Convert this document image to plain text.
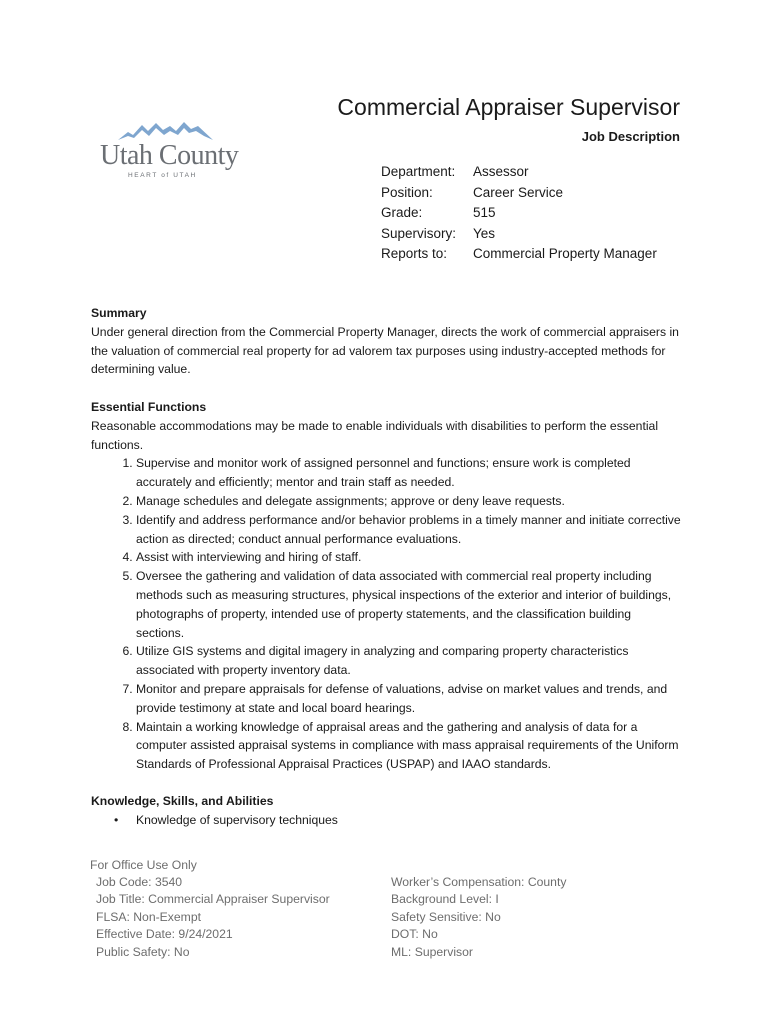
Utah County
HEART of UTAH
Commercial Appraiser Supervisor
Job Description
Department:	Assessor
Position:	Career Service
Grade:	515
Supervisory:	Yes
Reports to:	Commercial Property Manager
Summary
Under general direction from the Commercial Property Manager, directs the work of commercial appraisers in the valuation of commercial real property for ad valorem tax purposes using industry-accepted methods for determining value.
Essential Functions
Reasonable accommodations may be made to enable individuals with disabilities to perform the essential functions.
1. Supervise and monitor work of assigned personnel and functions; ensure work is completed accurately and efficiently; mentor and train staff as needed.
2. Manage schedules and delegate assignments; approve or deny leave requests.
3. Identify and address performance and/or behavior problems in a timely manner and initiate corrective action as directed; conduct annual performance evaluations.
4. Assist with interviewing and hiring of staff.
5. Oversee the gathering and validation of data associated with commercial real property including methods such as measuring structures, physical inspections of the exterior and interior of buildings, photographs of property, intended use of property statements, and the classification building sections.
6. Utilize GIS systems and digital imagery in analyzing and comparing property characteristics associated with property inventory data.
7. Monitor and prepare appraisals for defense of valuations, advise on market values and trends, and provide testimony at state and local board hearings.
8. Maintain a working knowledge of appraisal areas and the gathering and analysis of data for a computer assisted appraisal systems in compliance with mass appraisal requirements of the Uniform Standards of Professional Appraisal Practices (USPAP) and IAAO standards.
Knowledge, Skills, and Abilities
• Knowledge of supervisory techniques
For Office Use Only
Job Code: 3540
Job Title: Commercial Appraiser Supervisor
FLSA: Non-Exempt
Effective Date: 9/24/2021
Public Safety: No
Worker’s Compensation: County
Background Level: I
Safety Sensitive: No
DOT: No
ML: Supervisor
